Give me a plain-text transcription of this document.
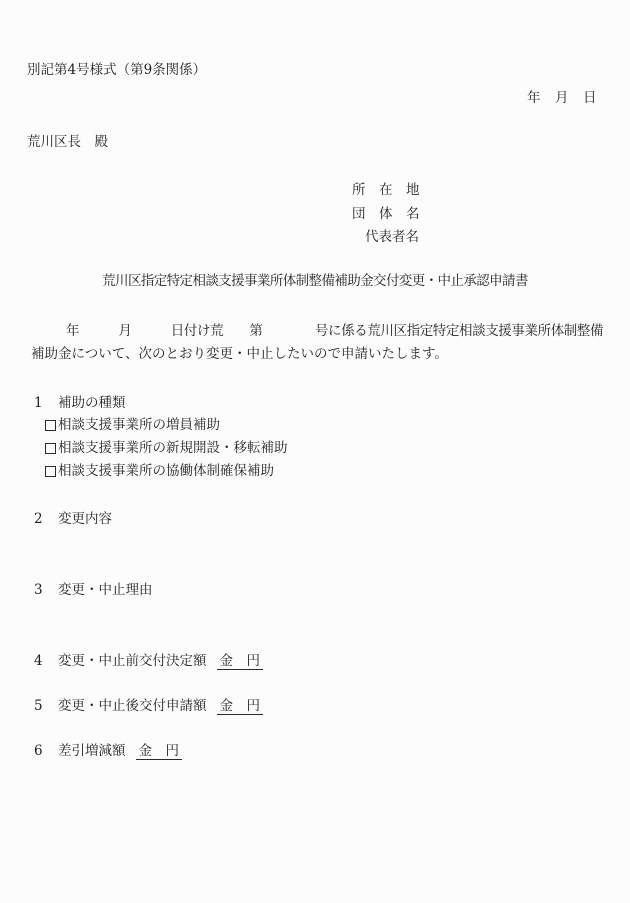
別記第4号様式（第9条関係）
年　月　日
荒川区長　殿
所　在　地
団　体　名
代表者名
荒川区指定特定相談支援事業所体制整備補助金交付変更・中止承認申請書
年　　　月　　　日付け荒　　第　　　　号に係る荒川区指定特定相談支援事業所体制整備
補助金について、次のとおり変更・中止したいので申請いたします。
1	補助の種類
相談支援事業所の増員補助
相談支援事業所の新規開設・移転補助
相談支援事業所の協働体制確保補助
2	変更内容
3	変更・中止理由
4	変更・中止前交付決定額 金　円
5	変更・中止後交付申請額 金　円
6	差引増減額 金　円
